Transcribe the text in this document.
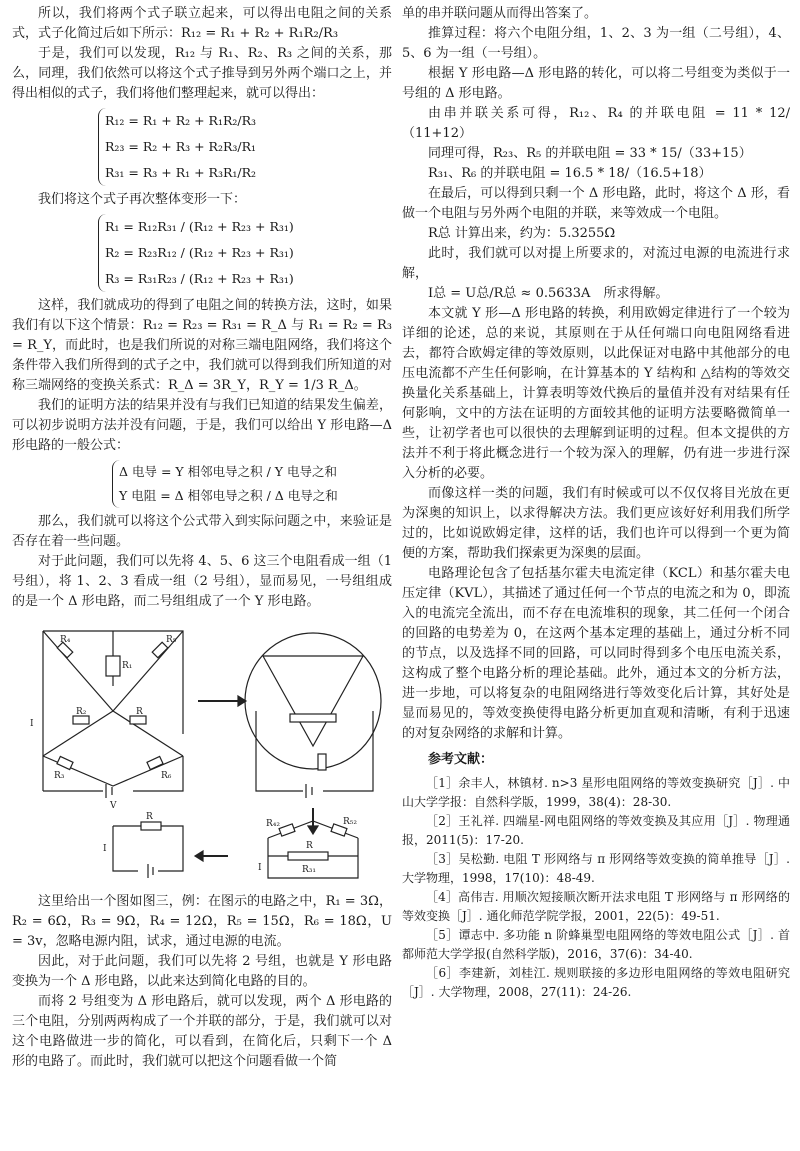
所以，我们将两个式子联立起来，可以得出电阻之间的关系式，式子化简过后如下所示：R₁₂ = R₁ + R₂ + R₁R₂/R₃

于是，我们可以发现，R₁₂ 与 R₁、R₂、R₃ 之间的关系，那么，同理，我们依然可以将这个式子推导到另外两个端口之上，并得出相似的式子，我们将他们整理起来，就可以得出：

R₁₂ = R₁ + R₂ + R₁R₂/R₃
R₂₃ = R₂ + R₃ + R₂R₃/R₁
R₃₁ = R₃ + R₁ + R₃R₁/R₂

我们将这个式子再次整体变形一下：

R₁ = R₁₂R₃₁ / (R₁₂ + R₂₃ + R₃₁)
R₂ = R₂₃R₁₂ / (R₁₂ + R₂₃ + R₃₁)
R₃ = R₃₁R₂₃ / (R₁₂ + R₂₃ + R₃₁)

这样，我们就成功的得到了电阻之间的转换方法，这时，如果我们有以下这个情景：R₁₂ = R₂₃ = R₃₁ = R_Δ 与 R₁ = R₂ = R₃ = R_Y，而此时，也是我们所说的对称三端电阻网络，我们将这个条件带入我们所得到的式子之中，我们就可以得到我们所知道的对称三端网络的变换关系式：R_Δ = 3R_Y，R_Y = 1/3 R_Δ。

我们的证明方法的结果并没有与我们已知道的结果发生偏差，可以初步说明方法并没有问题，于是，我们可以给出 Y 形电路—Δ 形电路的一般公式：

Δ 电导 = Y 相邻电导之积 / Y 电导之和
Y 电阻 = Δ 相邻电导之积 / Δ 电导之和

那么，我们就可以将这个公式带入到实际问题之中，来验证是否存在着一些问题。

对于此问题，我们可以先将 4、5、6 这三个电阻看成一组（1 号组），将 1、2、3 看成一组（2 号组），显而易见，一号组组成的是一个 Δ 形电路，而二号组组成了一个 Y 形电路。

R₄
R₁
R₅
R₂	R
R₃	R₆
I
V
R₄₂	R₅₂
R
R₃₁
I
R
I

这里给出一个图如图三，例：在图示的电路之中，R₁ = 3Ω，R₂ = 6Ω，R₃ = 9Ω，R₄ = 12Ω，R₅ = 15Ω，R₆ = 18Ω，U = 3v，忽略电源内阻，试求，通过电源的电流。

因此，对于此问题，我们可以先将 2 号组，也就是 Y 形电路变换为一个 Δ 形电路，以此来达到简化电路的目的。

而将 2 号组变为 Δ 形电路后，就可以发现，两个 Δ 形电路的三个电阻，分别两两构成了一个并联的部分，于是，我们就可以对这个电路做进一步的简化，可以看到，在简化后，只剩下一个 Δ 形的电路了。而此时，我们就可以把这个问题看做一个简

单的串并联问题从而得出答案了。

推算过程：将六个电阻分组，1、2、3 为一组（二号组），4、5、6 为一组（一号组）。

根据 Y 形电路—Δ 形电路的转化，可以将二号组变为类似于一号组的 Δ 形电路。

由串并联关系可得，R₁₂、R₄ 的并联电阻 = 11 * 12/（11+12）

同理可得，R₂₃、R₅ 的并联电阻 = 33 * 15/（33+15）

R₃₁、R₆ 的并联电阻 = 16.5 * 18/（16.5+18）

在最后，可以得到只剩一个 Δ 形电路，此时，将这个 Δ 形，看做一个电阻与另外两个电阻的并联，来等效成一个电阻。

R总 计算出来，约为：5.3255Ω

此时，我们就可以对提上所要求的，对流过电源的电流进行求解，

I总 = U总/R总 ≈ 0.5633A　所求得解。

本文就 Y 形—Δ 形电路的转换，利用欧姆定律进行了一个较为详细的论述，总的来说，其原则在于从任何端口向电阻网络看进去，都符合欧姆定律的等效原则，以此保证对电路中其他部分的电压电流都不产生任何影响，在计算基本的 Y 结构和 △结构的等效交换量化关系基础上，计算表明等效代换后的量值并没有对结果有任何影响，文中的方法在证明的方面较其他的证明方法要略微简单一些，让初学者也可以很快的去理解到证明的过程。但本文提供的方法并不利于将此概念进行一个较为深入的理解，仍有进一步进行深入分析的必要。

而像这样一类的问题，我们有时候或可以不仅仅将目光放在更为深奥的知识上，以求得解决方法。我们更应该好好利用我们所学过的，比如说欧姆定律，这样的话，我们也许可以得到一个更为简便的方案，帮助我们探索更为深奥的层面。

电路理论包含了包括基尔霍夫电流定律（KCL）和基尔霍夫电压定律（KVL），其描述了通过任何一个节点的电流之和为 0，即流入的电流完全流出，而不存在电流堆积的现象，其二任何一个闭合的回路的电势差为 0，在这两个基本定理的基础上，通过分析不同的节点，以及选择不同的回路，可以同时得到多个电压电流关系，这构成了整个电路分析的理论基础。此外，通过本文的分析方法，进一步地，可以将复杂的电阻网络进行等效变化后计算，其好处是显而易见的，等效变换使得电路分析更加直观和清晰，有利于迅速的对复杂网络的求解和计算。

参考文献：

［1］余丰人，林镇材. n>3 星形电阻网络的等效变换研究［J］. 中山大学学报：自然科学版，1999，38(4)：28-30.

［2］王礼祥. 四端星-网电阻网络的等效变换及其应用［J］. 物理通报，2011(5)：17-20.

［3］吴松勤. 电阻 T 形网络与 π 形网络等效变换的简单推导［J］. 大学物理，1998，17(10)：48-49.

［4］高伟吉. 用顺次短接顺次断开法求电阻 T 形网络与 π 形网络的等效变换［J］. 通化师范学院学报，2001，22(5)：49-51.

［5］谭志中. 多功能 n 阶蜂巢型电阻网络的等效电阻公式［J］. 首都师范大学学报(自然科学版)，2016，37(6)：34-40.

［6］李建新，刘桂江. 规则联接的多边形电阻网络的等效电阻研究［J］. 大学物理，2008，27(11)：24-26.
